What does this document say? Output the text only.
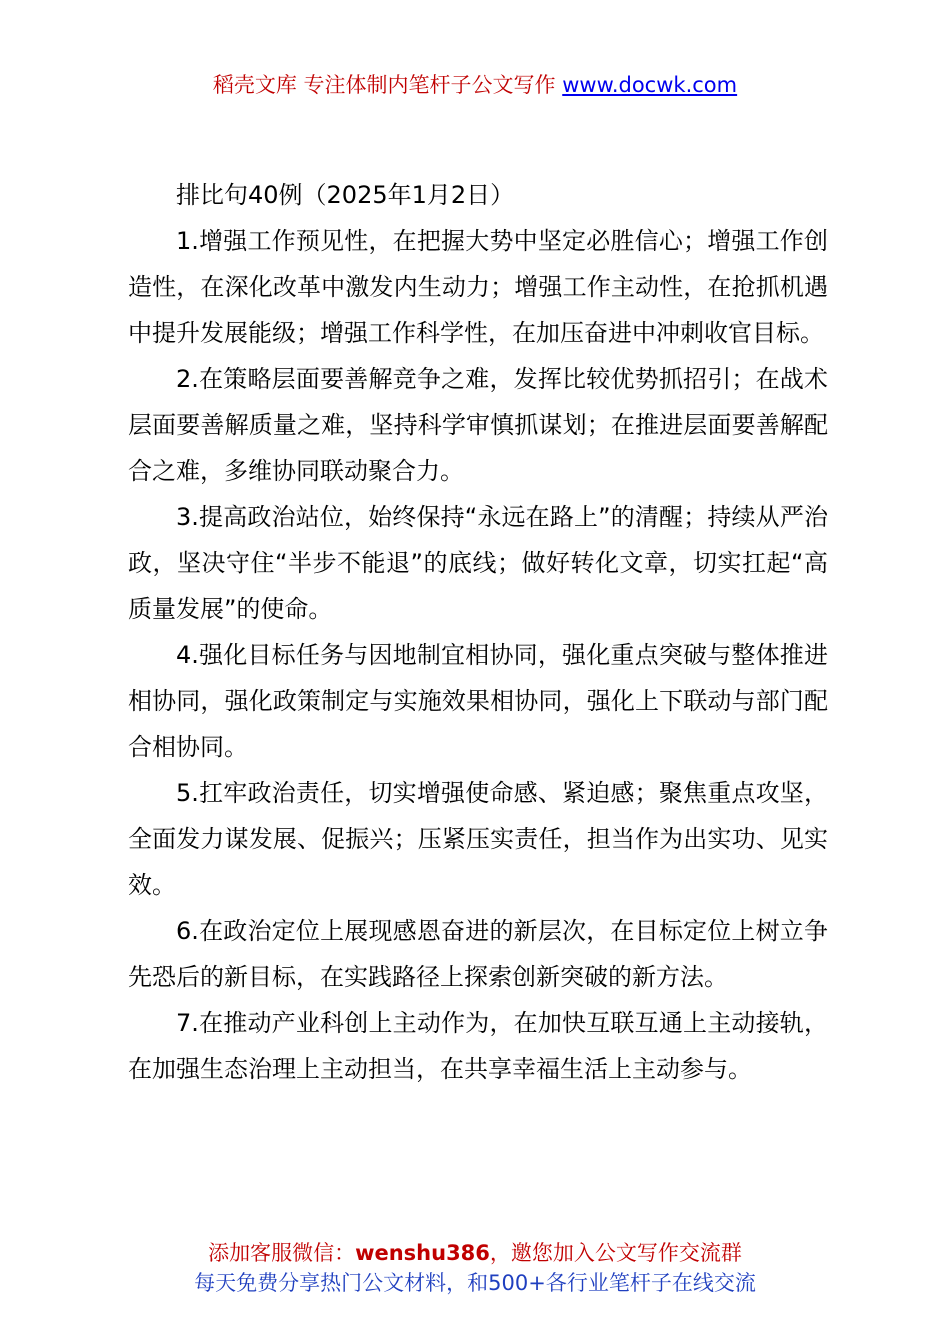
稻壳文库 专注体制内笔杆子公文写作 www.docwk.com

排比句40例（2025年1月2日）

1.增强工作预见性，在把握大势中坚定必胜信心；增强工作创造性，在深化改革中激发内生动力；增强工作主动性，在抢抓机遇中提升发展能级；增强工作科学性，在加压奋进中冲刺收官目标。

2.在策略层面要善解竞争之难，发挥比较优势抓招引；在战术层面要善解质量之难，坚持科学审慎抓谋划；在推进层面要善解配合之难，多维协同联动聚合力。

3.提高政治站位，始终保持“永远在路上”的清醒；持续从严治政，坚决守住“半步不能退”的底线；做好转化文章，切实扛起“高质量发展”的使命。

4.强化目标任务与因地制宜相协同，强化重点突破与整体推进相协同，强化政策制定与实施效果相协同，强化上下联动与部门配合相协同。

5.扛牢政治责任，切实增强使命感、紧迫感；聚焦重点攻坚，全面发力谋发展、促振兴；压紧压实责任，担当作为出实功、见实效。

6.在政治定位上展现感恩奋进的新层次，在目标定位上树立争先恐后的新目标，在实践路径上探索创新突破的新方法。

7.在推动产业科创上主动作为，在加快互联互通上主动接轨，在加强生态治理上主动担当，在共享幸福生活上主动参与。

添加客服微信：wenshu386，邀您加入公文写作交流群
每天免费分享热门公文材料，和500+各行业笔杆子在线交流
